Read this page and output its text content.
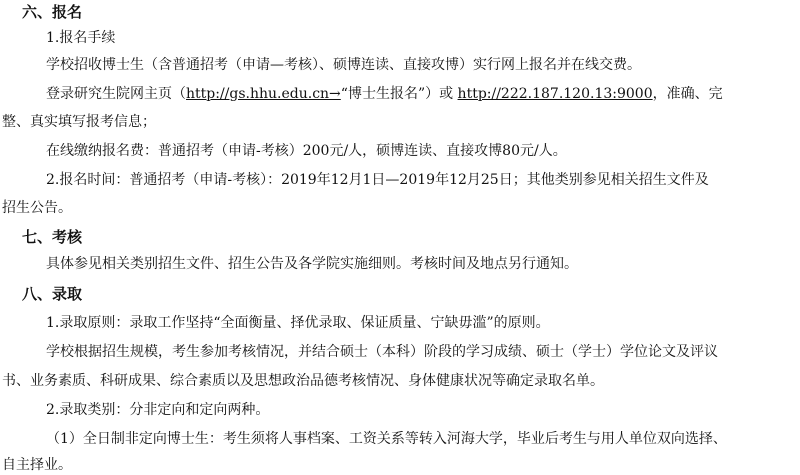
六、报名
1.报名手续
学校招收博士生（含普通招考（申请—考核）、硕博连读、直接攻博）实行网上报名并在线交费。
登录研究生院网主页（http://gs.hhu.edu.cn→“博士生报名”）或 http://222.187.120.13:9000，准确、完
整、真实填写报考信息；
在线缴纳报名费：普通招考（申请-考核）200元/人，硕博连读、直接攻博80元/人。
2.报名时间：普通招考（申请-考核）：2019年12月1日—2019年12月25日；其他类别参见相关招生文件及
招生公告。
七、考核
具体参见相关类别招生文件、招生公告及各学院实施细则。考核时间及地点另行通知。
八、录取
1.录取原则：录取工作坚持“全面衡量、择优录取、保证质量、宁缺毋滥”的原则。
学校根据招生规模，考生参加考核情况，并结合硕士（本科）阶段的学习成绩、硕士（学士）学位论文及评议
书、业务素质、科研成果、综合素质以及思想政治品德考核情况、身体健康状况等确定录取名单。
2.录取类别：分非定向和定向两种。
（1）全日制非定向博士生：考生须将人事档案、工资关系等转入河海大学，毕业后考生与用人单位双向选择、
自主择业。
